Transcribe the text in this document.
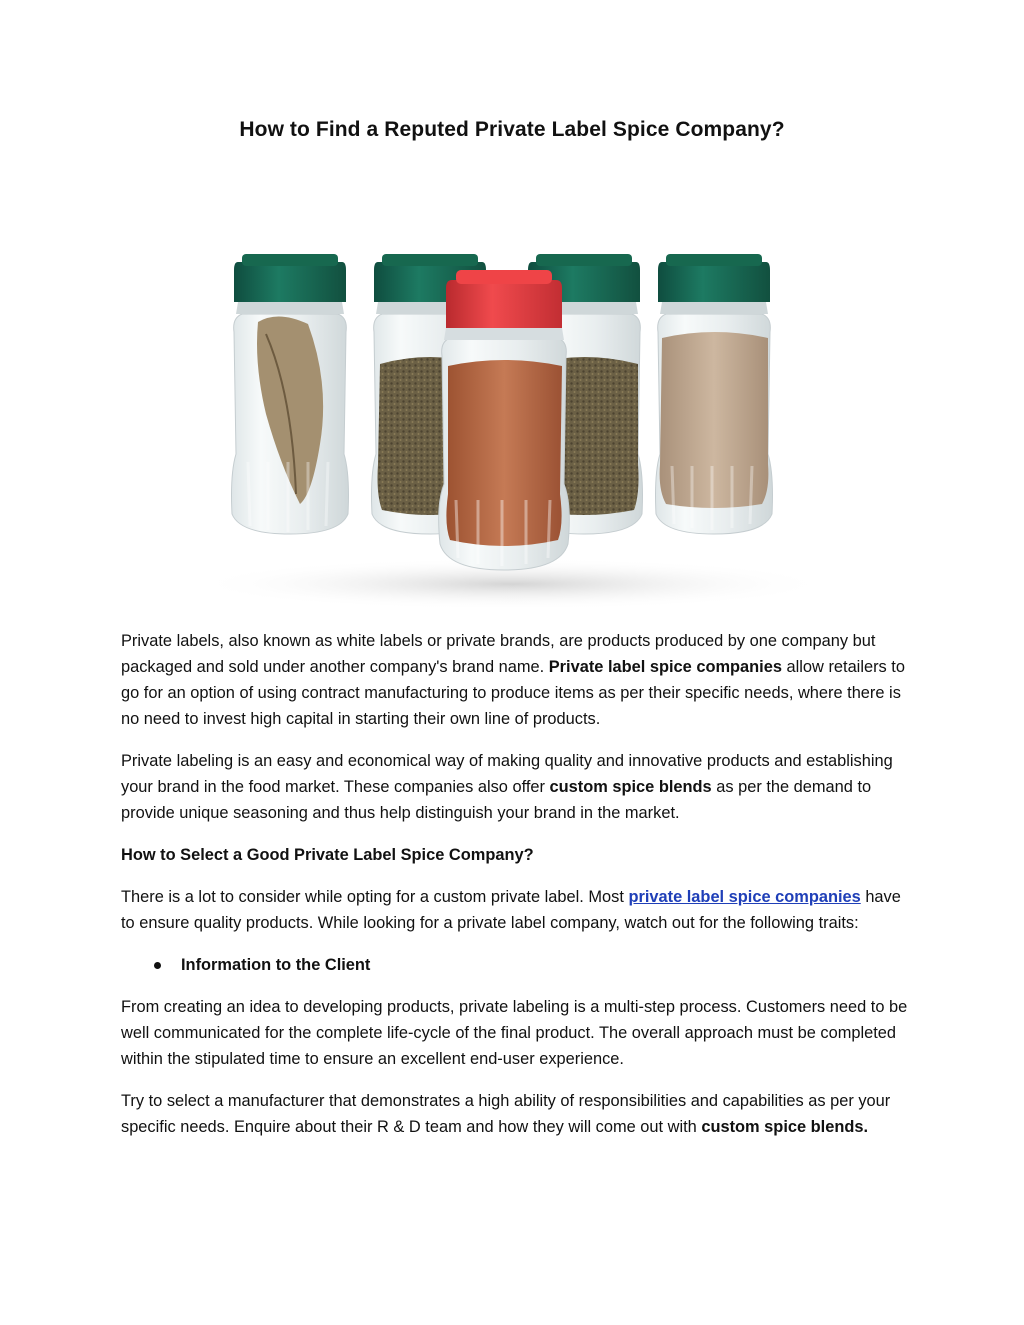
How to Find a Reputed Private Label Spice Company?

Private labels, also known as white labels or private brands, are products produced by one company but packaged and sold under another company's brand name. Private label spice companies allow retailers to go for an option of using contract manufacturing to produce items as per their specific needs, where there is no need to invest high capital in starting their own line of products.

Private labeling is an easy and economical way of making quality and innovative products and establishing your brand in the food market. These companies also offer custom spice blends as per the demand to provide unique seasoning and thus help distinguish your brand in the market.

How to Select a Good Private Label Spice Company?

There is a lot to consider while opting for a custom private label. Most private label spice companies have to ensure quality products. While looking for a private label company, watch out for the following traits:

Information to the Client

From creating an idea to developing products, private labeling is a multi-step process. Customers need to be well communicated for the complete life-cycle of the final product. The overall approach must be completed within the stipulated time to ensure an excellent end-user experience.

Try to select a manufacturer that demonstrates a high ability of responsibilities and capabilities as per your specific needs. Enquire about their R & D team and how they will come out with custom spice blends.
